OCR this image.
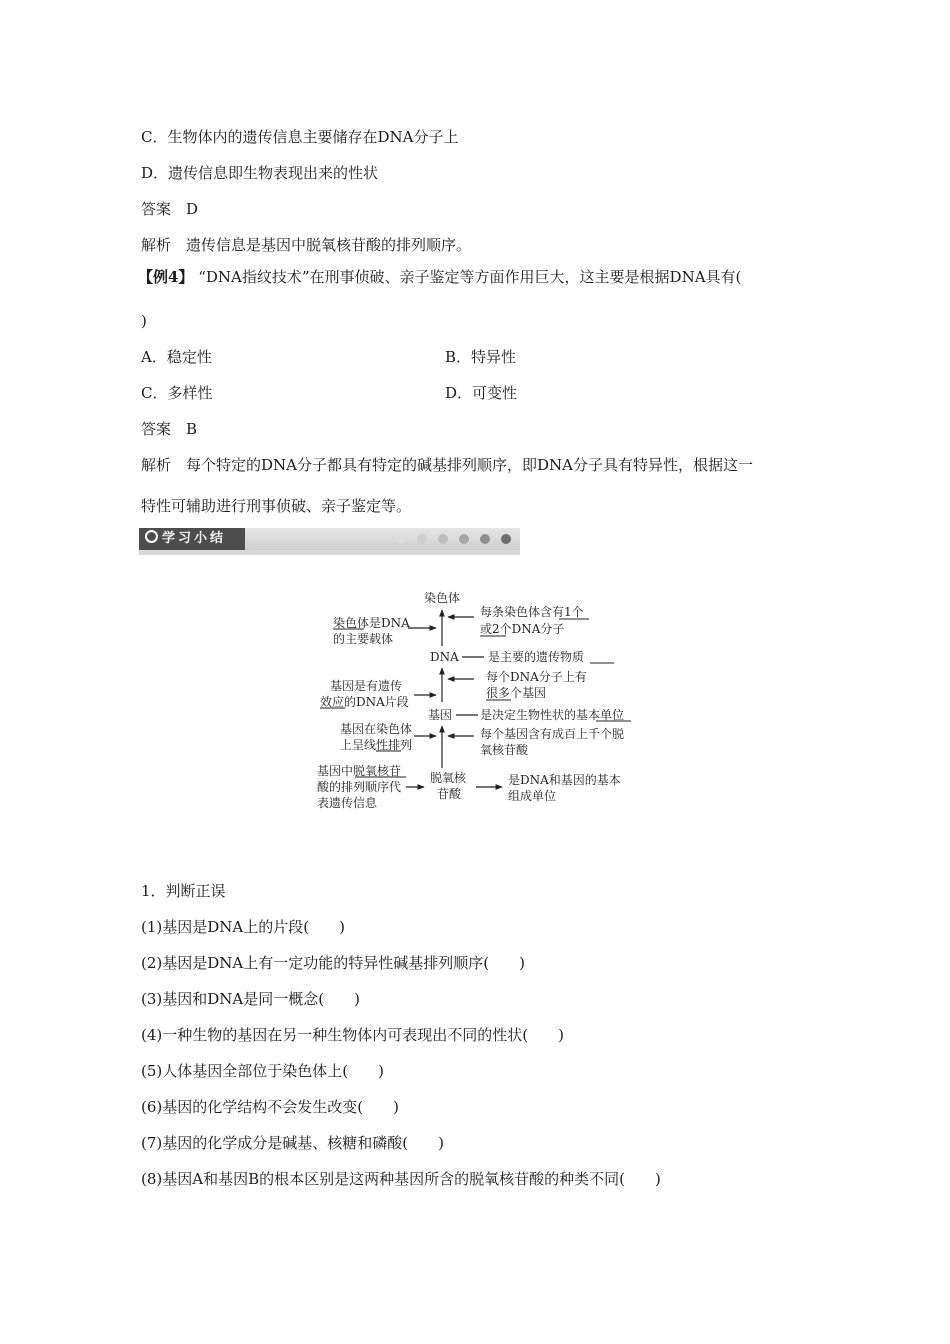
C．生物体内的遗传信息主要储存在DNA分子上
D．遗传信息即生物表现出来的性状
答案　D
解析　遗传信息是基因中脱氧核苷酸的排列顺序。
【例4】 “DNA指纹技术”在刑事侦破、亲子鉴定等方面作用巨大，这主要是根据DNA具有(
)
A．稳定性	B．特异性
C．多样性	D．可变性
答案　B
解析　每个特定的DNA分子都具有特定的碱基排列顺序，即DNA分子具有特异性，根据这一
特性可辅助进行刑事侦破、亲子鉴定等。
学习小结
染色体
染色体是DNA
的主要载体
每条染色体含有1个
或2个DNA分子
DNA 是主要的遗传物质
每个DNA分子上有
很多个基因
基因是有遗传
效应的DNA片段
基因 是决定生物性状的基本单位
基因在染色体
上呈线性排列
每个基因含有成百上千个脱
氧核苷酸
基因中脱氧核苷
酸的排列顺序代
表遗传信息
脱氧核
苷酸
是DNA和基因的基本
组成单位
1．判断正误
(1)基因是DNA上的片段(　　)
(2)基因是DNA上有一定功能的特异性碱基排列顺序(　　)
(3)基因和DNA是同一概念(　　)
(4)一种生物的基因在另一种生物体内可表现出不同的性状(　　)
(5)人体基因全部位于染色体上(　　)
(6)基因的化学结构不会发生改变(　　)
(7)基因的化学成分是碱基、核糖和磷酸(　　)
(8)基因A和基因B的根本区别是这两种基因所含的脱氧核苷酸的种类不同(　　)
